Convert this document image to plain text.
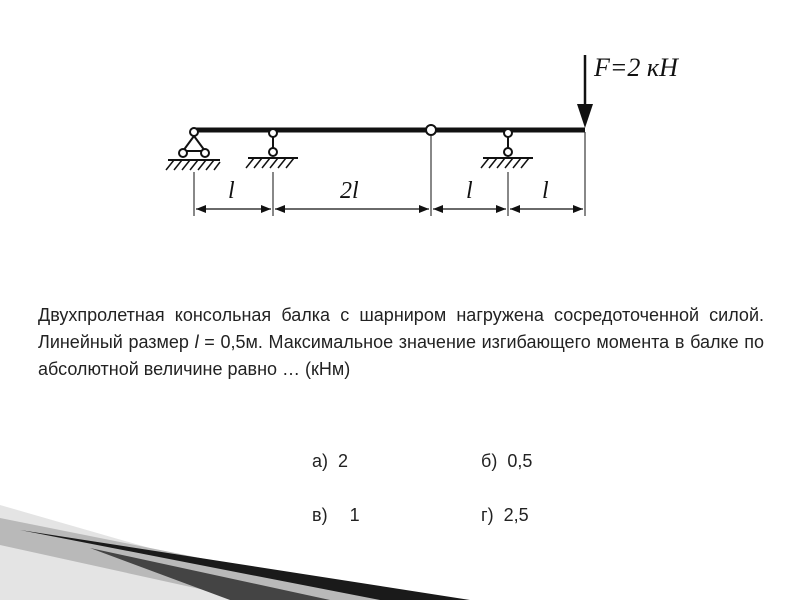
F=2 кН
l	2l	l	l
Двухпролетная консольная балка с шарниром нагружена сосредоточенной силой. Линейный размер l = 0,5м. Максимальное значение изгибающего момента в балке по абсолютной величине равно … (кНм)

а) 2
	б) 0,5

в) 1
	г) 2,5
